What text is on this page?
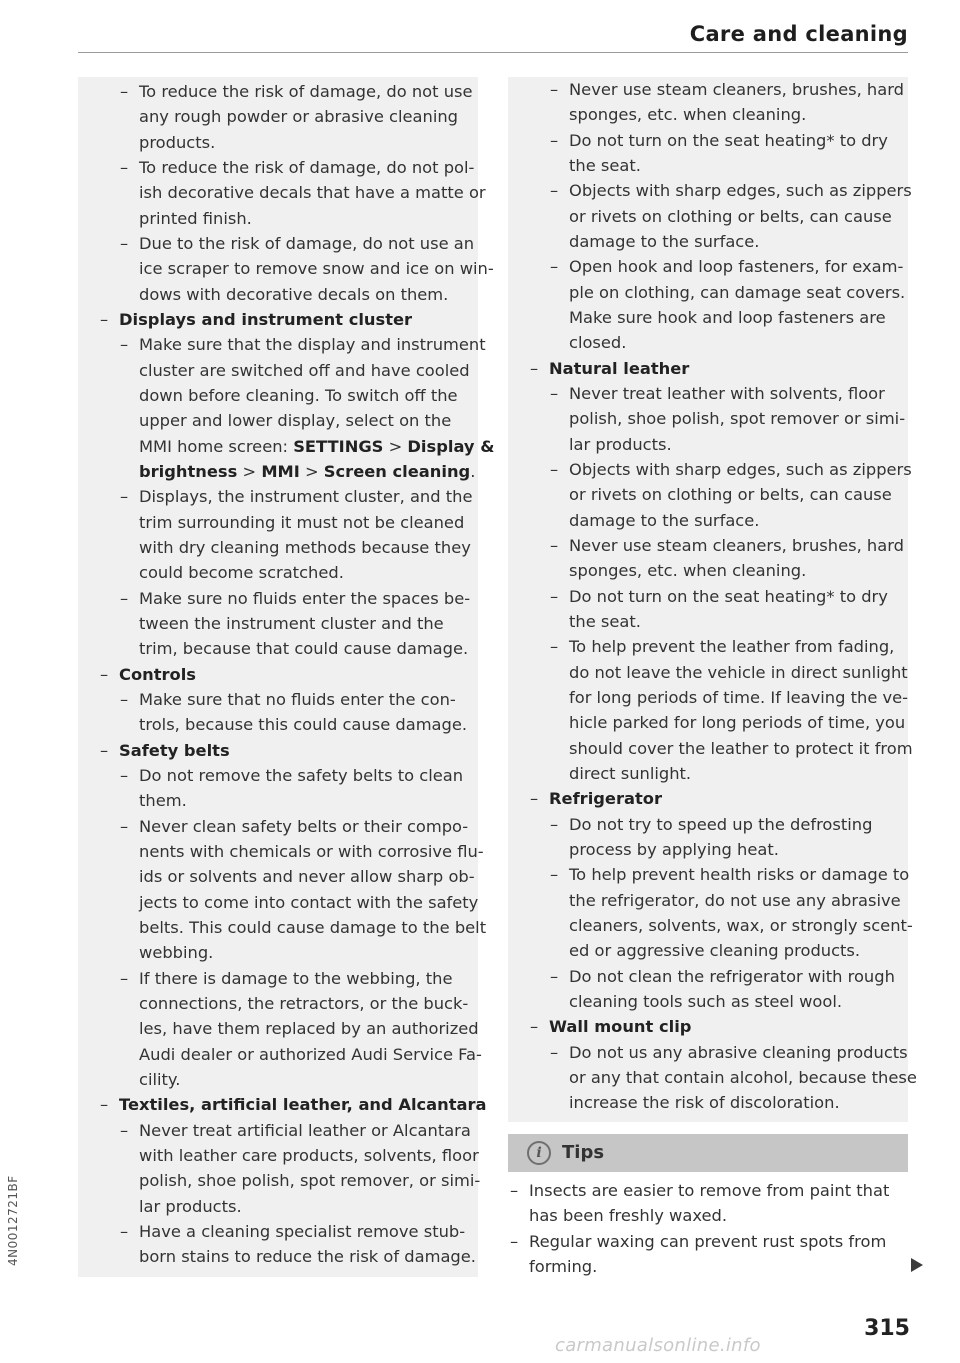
Care and cleaning
– To reduce the risk of damage, do not use
any rough powder or abrasive cleaning
products.
– To reduce the risk of damage, do not pol-
ish decorative decals that have a matte or
printed finish.
– Due to the risk of damage, do not use an
ice scraper to remove snow and ice on win-
dows with decorative decals on them.
– Displays and instrument cluster
– Make sure that the display and instrument
cluster are switched off and have cooled
down before cleaning. To switch off the
upper and lower display, select on the
MMI home screen: SETTINGS > Display &
brightness > MMI > Screen cleaning.
– Displays, the instrument cluster, and the
trim surrounding it must not be cleaned
with dry cleaning methods because they
could become scratched.
– Make sure no fluids enter the spaces be-
tween the instrument cluster and the
trim, because that could cause damage.
– Controls
– Make sure that no fluids enter the con-
trols, because this could cause damage.
– Safety belts
– Do not remove the safety belts to clean
them.
– Never clean safety belts or their compo-
nents with chemicals or with corrosive flu-
ids or solvents and never allow sharp ob-
jects to come into contact with the safety
belts. This could cause damage to the belt
webbing.
– If there is damage to the webbing, the
connections, the retractors, or the buck-
les, have them replaced by an authorized
Audi dealer or authorized Audi Service Fa-
cility.
– Textiles, artificial leather, and Alcantara
– Never treat artificial leather or Alcantara
with leather care products, solvents, floor
polish, shoe polish, spot remover, or simi-
lar products.
– Have a cleaning specialist remove stub-
born stains to reduce the risk of damage.
– Never use steam cleaners, brushes, hard
sponges, etc. when cleaning.
– Do not turn on the seat heating* to dry
the seat.
– Objects with sharp edges, such as zippers
or rivets on clothing or belts, can cause
damage to the surface.
– Open hook and loop fasteners, for exam-
ple on clothing, can damage seat covers.
Make sure hook and loop fasteners are
closed.
– Natural leather
– Never treat leather with solvents, floor
polish, shoe polish, spot remover or simi-
lar products.
– Objects with sharp edges, such as zippers
or rivets on clothing or belts, can cause
damage to the surface.
– Never use steam cleaners, brushes, hard
sponges, etc. when cleaning.
– Do not turn on the seat heating* to dry
the seat.
– To help prevent the leather from fading,
do not leave the vehicle in direct sunlight
for long periods of time. If leaving the ve-
hicle parked for long periods of time, you
should cover the leather to protect it from
direct sunlight.
– Refrigerator
– Do not try to speed up the defrosting
process by applying heat.
– To help prevent health risks or damage to
the refrigerator, do not use any abrasive
cleaners, solvents, wax, or strongly scent-
ed or aggressive cleaning products.
– Do not clean the refrigerator with rough
cleaning tools such as steel wool.
– Wall mount clip
– Do not us any abrasive cleaning products
or any that contain alcohol, because these
increase the risk of discoloration.
i	Tips
– Insects are easier to remove from paint that
has been freshly waxed.
– Regular waxing can prevent rust spots from
forming.
315
4N0012721BF
carmanualsonline.info
